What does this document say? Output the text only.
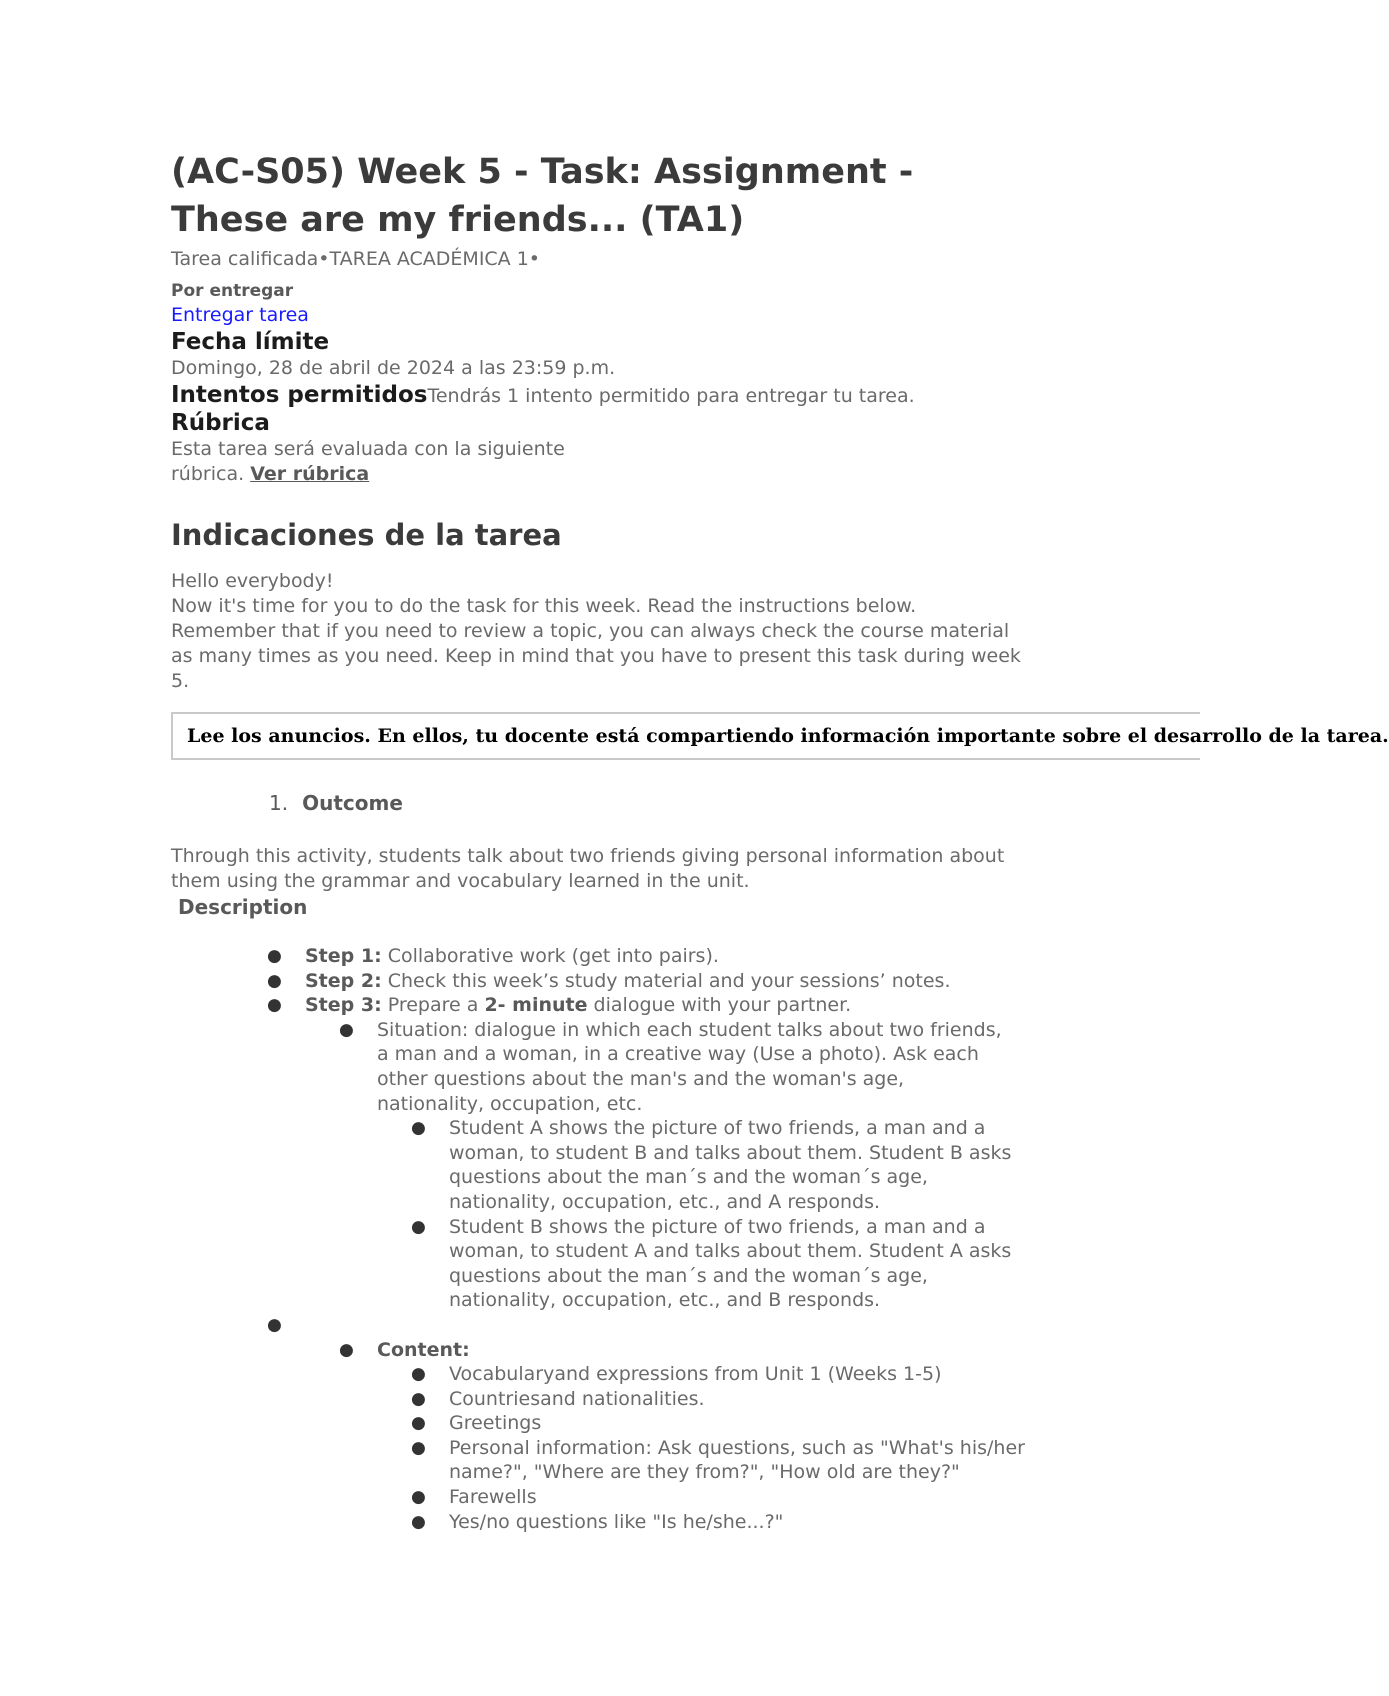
(AC-S05) Week 5 - Task: Assignment - These are my friends... (TA1)
Tarea calificada•TAREA ACADÉMICA 1•
Por entregar
Entregar tarea
Fecha límite
Domingo, 28 de abril de 2024 a las 23:59 p.m.
Intentos permitidos Tendrás 1 intento permitido para entregar tu tarea.
Rúbrica
Esta tarea será evaluada con la siguiente rúbrica. Ver rúbrica
Indicaciones de la tarea
Hello everybody!
Now it's time for you to do the task for this week. Read the instructions below. Remember that if you need to review a topic, you can always check the course material as many times as you need. Keep in mind that you have to present this task during week 5.
Lee los anuncios. En ellos, tu docente está compartiendo información importante sobre el desarrollo de la tarea.
1. Outcome
Through this activity, students talk about two friends giving personal information about them using the grammar and vocabulary learned in the unit.
Description
● Step 1: Collaborative work (get into pairs).
● Step 2: Check this week’s study material and your sessions’ notes.
● Step 3: Prepare a 2- minute dialogue with your partner.
● Situation: dialogue in which each student talks about two friends, a man and a woman, in a creative way (Use a photo). Ask each other questions about the man's and the woman's age, nationality, occupation, etc.
● Student A shows the picture of two friends, a man and a woman, to student B and talks about them. Student B asks questions about the man´s and the woman´s age, nationality, occupation, etc., and A responds.
● Student B shows the picture of two friends, a man and a woman, to student A and talks about them. Student A asks questions about the man´s and the woman´s age, nationality, occupation, etc., and B responds.
●
● Content:
● Vocabularyand expressions from Unit 1 (Weeks 1-5)
● Countriesand nationalities.
● Greetings
● Personal information: Ask questions, such as "What's his/her name?", "Where are they from?", "How old are they?"
● Farewells
● Yes/no questions like "Is he/she...?"
